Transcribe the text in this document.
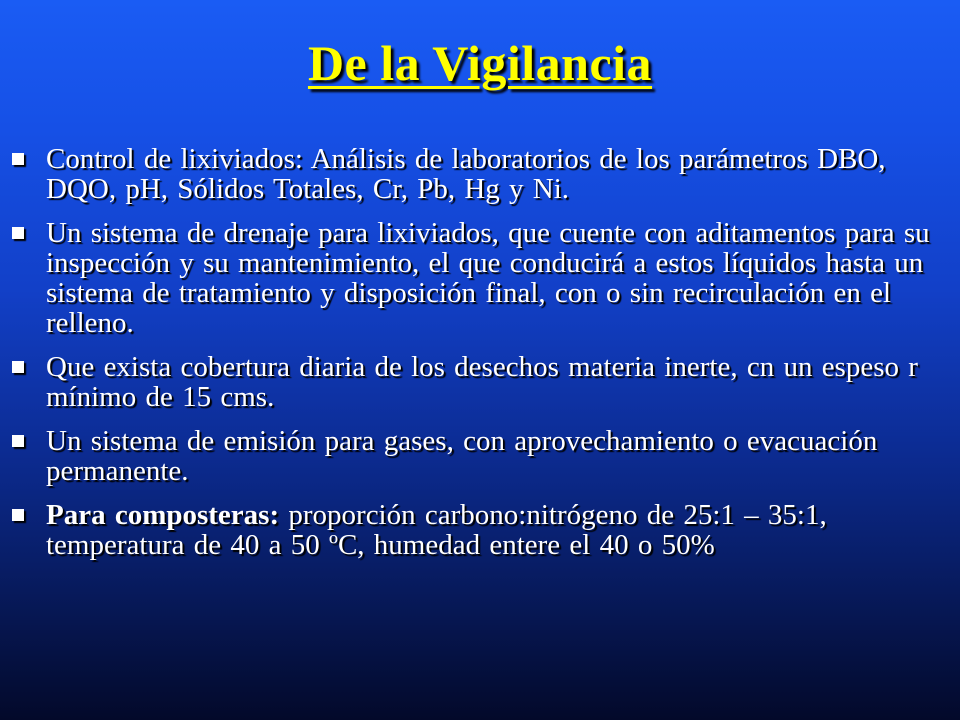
De la Vigilancia
Control de lixiviados: Análisis de laboratorios de los parámetros DBO, DQO, pH, Sólidos Totales, Cr, Pb, Hg y Ni.
Un sistema de drenaje para lixiviados, que cuente con aditamentos para su inspección y su mantenimiento, el que conducirá a estos líquidos hasta un sistema de tratamiento y disposición final, con o sin recirculación en el relleno.
Que exista cobertura diaria de los desechos materia inerte, cn un espeso r mínimo de 15 cms.
Un sistema de emisión para gases, con aprovechamiento o evacuación permanente.
Para composteras: proporción carbono:nitrógeno de 25:1 – 35:1, temperatura de 40 a 50 ºC, humedad entere el 40 o 50%
